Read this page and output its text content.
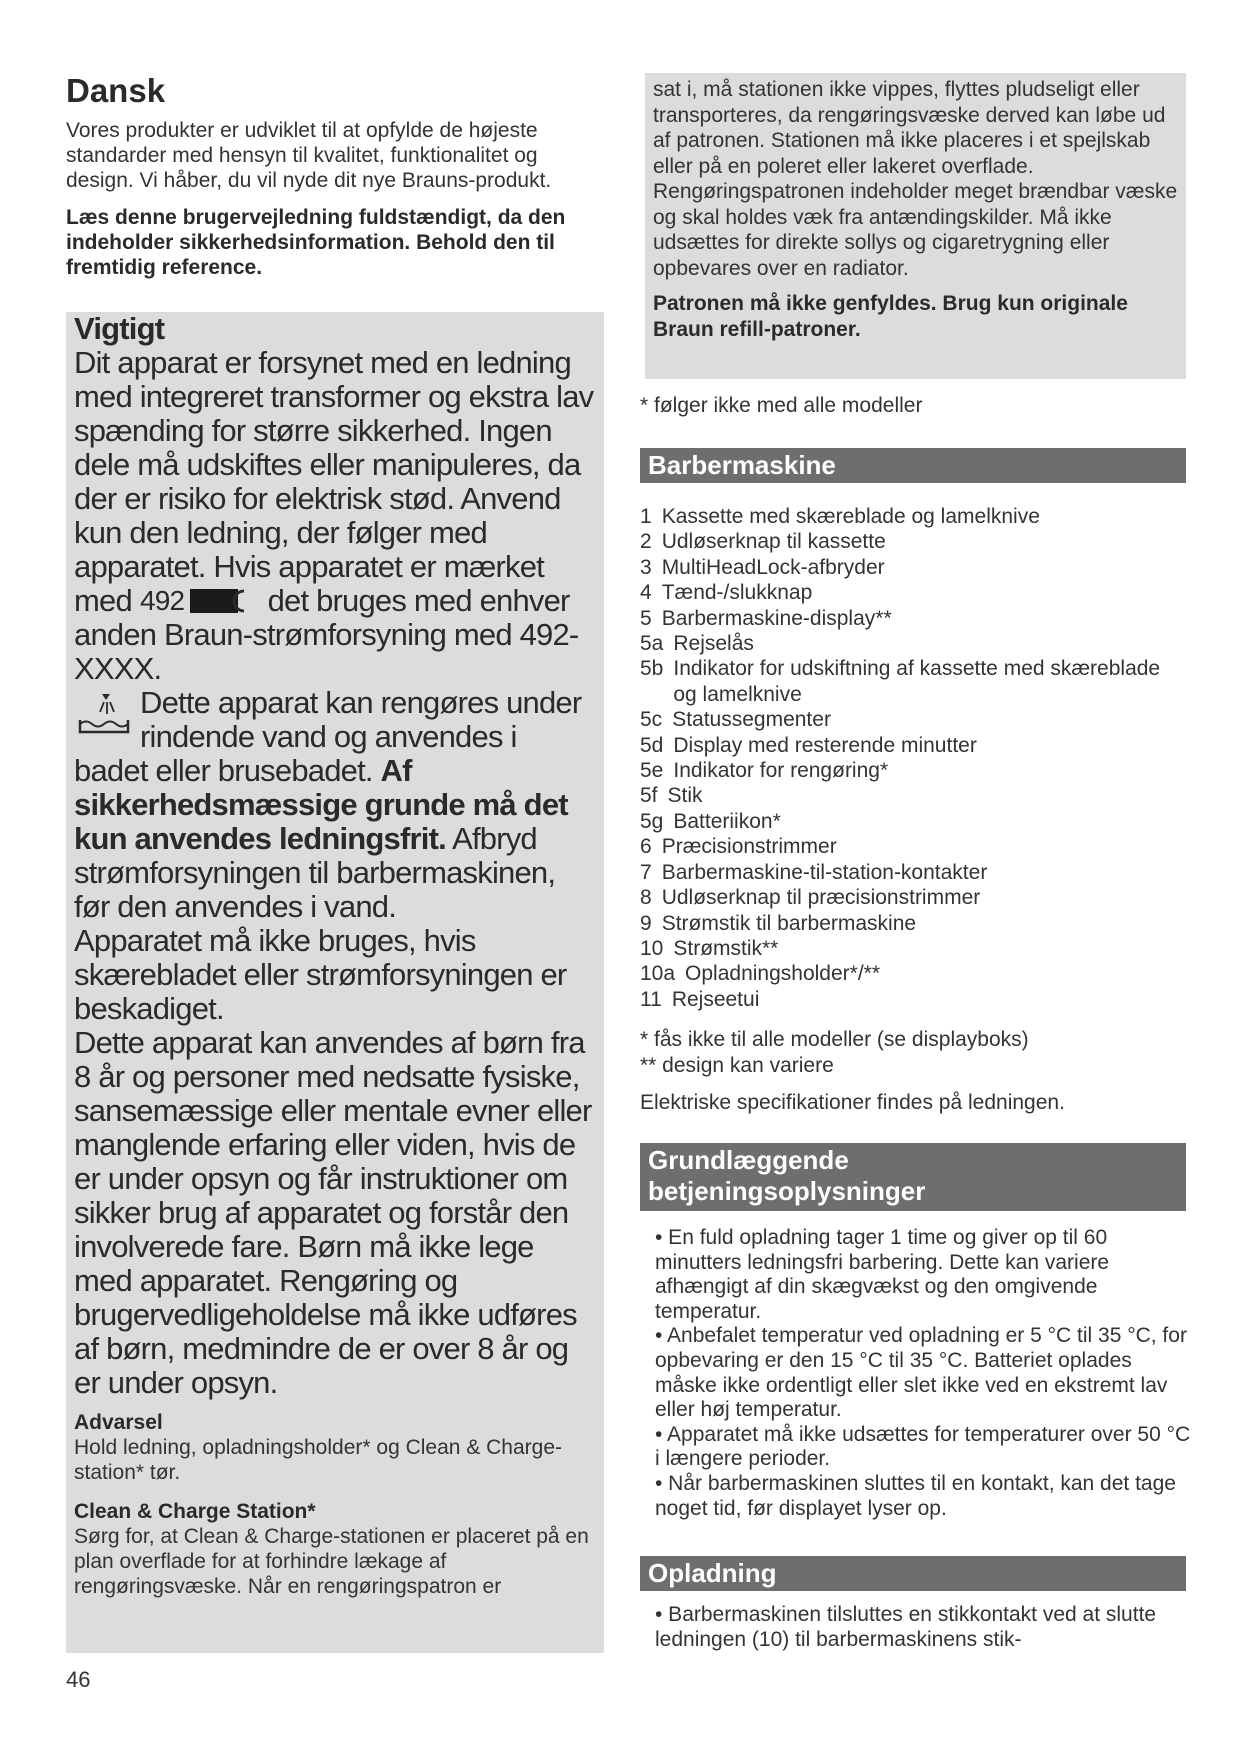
Dansk

Vores produkter er udviklet til at opfylde de højeste standarder med hensyn til kvalitet, funktionalitet og design. Vi håber, du vil nyde dit nye Brauns-produkt.

Læs denne brugervejledning fuldstændigt, da den indeholder sikkerhedsinformation. Behold den til fremtidig reference.

Vigtigt
Dit apparat er forsynet med en ledning med integreret transformer og ekstra lav spænding for større sikkerhed. Ingen dele må udskiftes eller manipuleres, da der er risiko for elektrisk stød. Anvend kun den ledning, der følger med apparatet. Hvis apparatet er mærket med 492	det bruges med enhver anden Braun-strømforsyning med 492-XXXX.
Dette apparat kan rengøres under rindende vand og anvendes i
badet eller brusebadet. Af sikkerhedsmæssige grunde må det kun anvendes ledningsfrit. Afbryd strømforsyningen til barbermaskinen, før den anvendes i vand.
Apparatet må ikke bruges, hvis skærebladet eller strømforsyningen er beskadiget.
Dette apparat kan anvendes af børn fra 8 år og personer med nedsatte fysiske, sansemæssige eller mentale evner eller manglende erfaring eller viden, hvis de er under opsyn og får instruktioner om sikker brug af apparatet og forstår den involverede fare. Børn må ikke lege med apparatet. Rengøring og brugervedligeholdelse må ikke udføres af børn, medmindre de er over 8 år og er under opsyn.
Advarsel

Hold ledning, opladningsholder* og Clean & Charge-station* tør.

Clean & Charge Station*

Sørg for, at Clean & Charge-stationen er placeret på en plan overflade for at forhindre lækage af rengøringsvæske. Når en rengøringspatron er

46

sat i, må stationen ikke vippes, flyttes pludseligt eller transporteres, da rengøringsvæske derved kan løbe ud af patronen. Stationen må ikke placeres i et spejlskab eller på en poleret eller lakeret overflade.

Rengøringspatronen indeholder meget brændbar væske og skal holdes væk fra antændingskilder. Må ikke udsættes for direkte sollys og cigaretrygning eller opbevares over en radiator.

Patronen må ikke genfyldes. Brug kun originale Braun refill-patroner.

* følger ikke med alle modeller
Barbermaskine
1 Kassette med skæreblade og lamelknive
2 Udløserknap til kassette
3 MultiHeadLock-afbryder
4 Tænd-/slukknap
5 Barbermaskine-display**
5a Rejselås
5b Indikator for udskiftning af kassette med skæreblade og lamelknive
5c Statussegmenter
5d Display med resterende minutter
5e Indikator for rengøring*
5f Stik
5g Batteriikon*
6 Præcisionstrimmer
7 Barbermaskine-til-station-kontakter
8 Udløserknap til præcisionstrimmer
9 Strømstik til barbermaskine
10 Strømstik**
10a Opladningsholder*/**
11 Rejseetui
* fås ikke til alle modeller (se displayboks)
** design kan variere
Elektriske specifikationer findes på ledningen.
Grundlæggende
betjeningsoplysninger

• En fuld opladning tager 1 time og giver op til 60 minutters ledningsfri barbering. Dette kan variere afhængigt af din skægvækst og den omgivende temperatur.

• Anbefalet temperatur ved opladning er 5 °C til 35 °C, for opbevaring er den 15 °C til 35 °C. Batteriet oplades måske ikke ordentligt eller slet ikke ved en ekstremt lav eller høj temperatur.

• Apparatet må ikke udsættes for temperaturer over 50 °C i længere perioder.

• Når barbermaskinen sluttes til en kontakt, kan det tage noget tid, før displayet lyser op.

Opladning

• Barbermaskinen tilsluttes en stikkontakt ved at slutte ledningen (10) til barbermaskinens stik-
